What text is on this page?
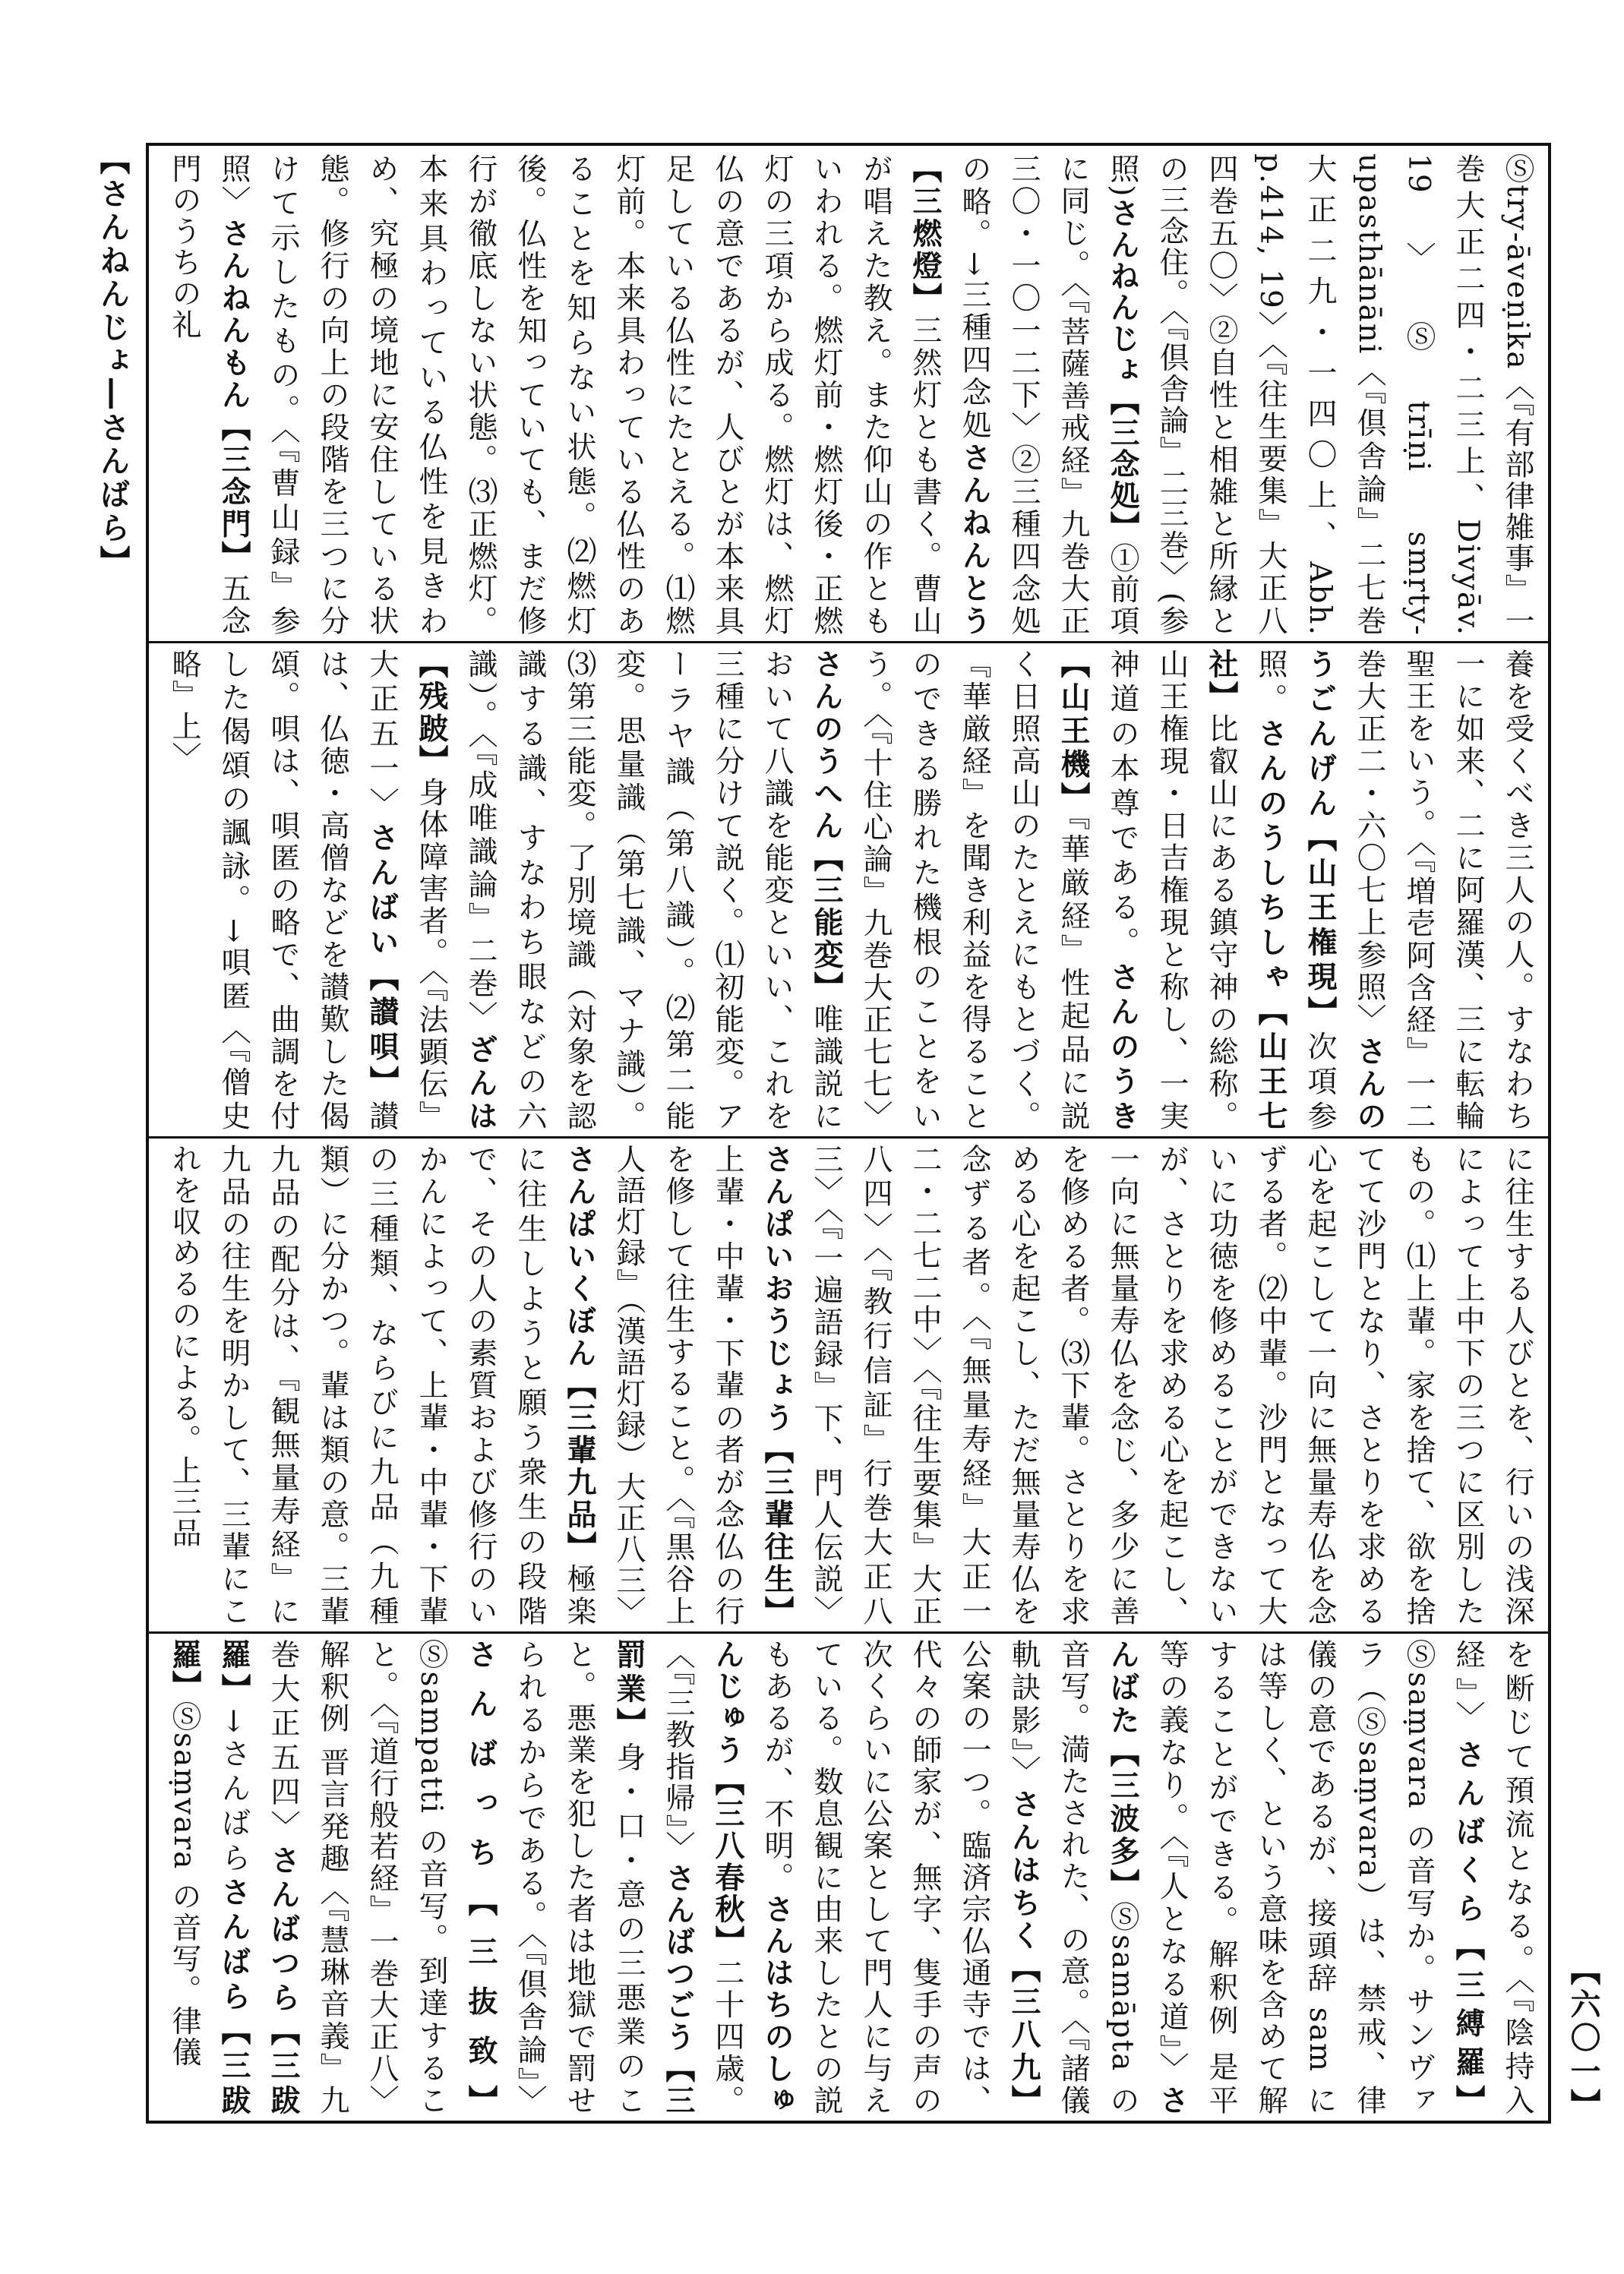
【さんねんじょ―さんばら】	Ⓢtry-āveṇika〈『有部律雑事』一巻大正二四・二三上、Divyāv. 19〉Ⓢtrīṇi smṛty-upasthānāni〈『倶舎論』二七巻大正二九・一四〇上、Abh. p.414, 19〉〈『往生要集』大正八四巻五〇〉②自性と相雑と所縁との三念住。〈『倶舎論』二三巻〉(参照)さんねんじょ【三念処】①前項に同じ。〈『菩薩善戒経』九巻大正三〇・一〇一二下〉②三種四念処の略。→三種四念処さんねんとう【三燃燈】三然灯とも書く。曹山が唱えた教え。また仰山の作ともいわれる。燃灯前・燃灯後・正燃灯の三項から成る。燃灯は、燃灯仏の意であるが、人びとが本来具足している仏性にたとえる。⑴燃灯前。本来具わっている仏性のあることを知らない状態。⑵燃灯後。仏性を知っていても、まだ修行が徹底しない状態。⑶正燃灯。本来具わっている仏性を見きわめ、究極の境地に安住している状態。修行の向上の段階を三つに分けて示したもの。〈『曹山録』参照〉さんねんもん【三念門】五念門のうちの礼
養を受くべき三人の人。すなわち一に如来、二に阿羅漢、三に転輪聖王をいう。〈『増壱阿含経』一二巻大正二・六〇七上参照〉さんのうごんげん【山王権現】次項参照。さんのうしちしゃ【山王七社】比叡山にある鎮守神の総称。山王権現・日吉権現と称し、一実神道の本尊である。さんのうき【山王機】『華厳経』性起品に説く日照高山のたとえにもとづく。『華厳経』を聞き利益を得ることのできる勝れた機根のことをいう。〈『十住心論』九巻大正七七〉さんのうへん【三能変】唯識説において八識を能変といい、これを三種に分けて説く。⑴初能変。アーラヤ識（第八識）。⑵第二能変。思量識（第七識、マナ識）。⑶第三能変。了別境識（対象を認識する識、すなわち眼などの六識）。〈『成唯識論』二巻〉ざんは【残跛】身体障害者。〈『法顕伝』大正五一〉さんばい【讃唄】讃は、仏徳・高僧などを讃歎した偈頌。唄は、唄匿の略で、曲調を付した偈頌の諷詠。→唄匿〈『僧史略』上〉
に往生する人びとを、行いの浅深によって上中下の三つに区別したもの。⑴上輩。家を捨て、欲を捨てて沙門となり、さとりを求める心を起こして一向に無量寿仏を念ずる者。⑵中輩。沙門となって大いに功徳を修めることができないが、さとりを求める心を起こし、一向に無量寿仏を念じ、多少に善を修める者。⑶下輩。さとりを求める心を起こし、ただ無量寿仏を念ずる者。〈『無量寿経』大正一二・二七二中〉〈『往生要集』大正八四〉〈『教行信証』行巻大正八三〉〈『一遍語録』下、門人伝説〉さんぱいおうじょう【三輩往生】上輩・中輩・下輩の者が念仏の行を修して往生すること。〈『黒谷上人語灯録』（漢語灯録）大正八三〉さんぱいくぼん【三輩九品】極楽に往生しようと願う衆生の段階で、その人の素質および修行のいかんによって、上輩・中輩・下輩の三種類、ならびに九品（九種類）に分かつ。輩は類の意。三輩九品の配分は、『観無量寿経』に九品の往生を明かして、三輩にこれを収めるのによる。上三品
を断じて預流となる。〈『陰持入経』〉さんばくら【三縛羅】Ⓢsaṃvara の音写か。サンヴァラ（Ⓢsaṃvara）は、禁戒、律儀の意であるが、接頭辞 sam には等しく、という意味を含めて解することができる。解釈例 是平等の義なり。〈『人となる道』〉さんばた【三波多】Ⓢsamāpta の音写。満たされた、の意。〈『諸儀軌訣影』〉さんはちく【三八九】公案の一つ。臨済宗仏通寺では、代々の師家が、無字、隻手の声の次くらいに公案として門人に与えている。数息観に由来したとの説もあるが、不明。さんはちのしゅんじゅう【三八春秋】二十四歳。〈『三教指帰』〉さんばつごう【三罰業】身・口・意の三悪業のこと。悪業を犯した者は地獄で罰せられるからである。〈『倶舎論』〉さんばっち【三抜致】Ⓢsampatti の音写。到達すること。〈『道行般若経』一巻大正八〉解釈例 晋言発趣〈『慧琳音義』九巻大正五四〉さんばつら【三跋羅】→さんばらさんばら【三跋羅】Ⓢsaṃvara の音写。律儀	【六〇一】
